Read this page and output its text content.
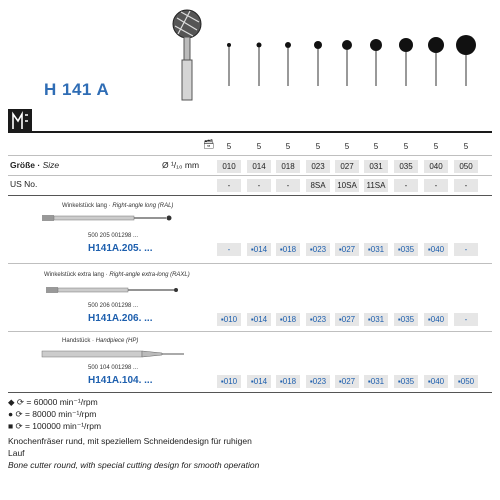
H 141 A
🗃	5	5	5	5	5	5	5	5	5
Größe · Size	Ø ¹/₁₀ mm	010	014	018	023	027	031	035	040	050
US No.	-	-	-	8SA	10SA	11SA	-	-	-
Winkelstück lang · Right-angle long (RAL)
500 205 001298 ...
H141A.205. ...	-	▪014	▪018	▪023	▪027	▪031	▪035	▪040	-
Winkelstück extra lang · Right-angle extra-long (RAXL)
500 206 001298 ...
H141A.206. ...	▪010	▪014	▪018	▪023	▪027	▪031	▪035	▪040	-
Handstück · Handpiece (HP)
500 104 001298 ...
H141A.104. ...	▪010	▪014	▪018	▪023	▪027	▪031	▪035	▪040	▪050
◆ ⟳ = 60000 min⁻¹/rpm
● ⟳ = 80000 min⁻¹/rpm
■ ⟳ = 100000 min⁻¹/rpm
Knochenfräser rund, mit speziellem Schneidendesign für ruhigen Lauf
Bone cutter round, with special cutting design for smooth operation
